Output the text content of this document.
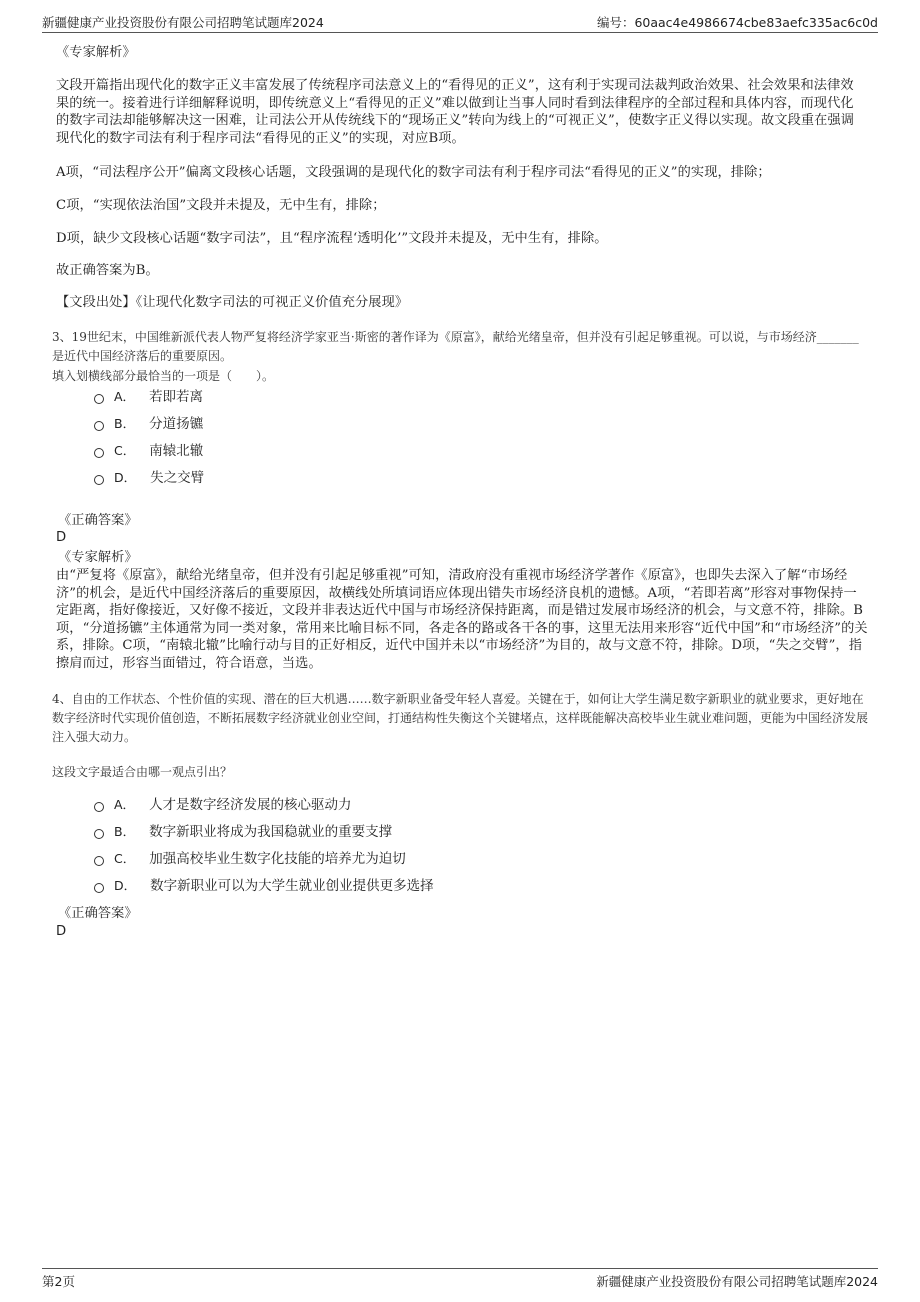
新疆健康产业投资股份有限公司招聘笔试题库2024	编号：60aac4e4986674cbe83aefc335ac6c0d

《专家解析》

文段开篇指出现代化的数字正义丰富发展了传统程序司法意义上的“看得见的正义”，这有利于实现司法裁判政治效果、社会效果和法律效果的统一。接着进行详细解释说明，即传统意义上“看得见的正义”难以做到让当事人同时看到法律程序的全部过程和具体内容，而现代化的数字司法却能够解决这一困难，让司法公开从传统线下的“现场正义”转向为线上的“可视正义”，使数字正义得以实现。故文段重在强调现代化的数字司法有利于程序司法“看得见的正义”的实现，对应B项。

A项，“司法程序公开”偏离文段核心话题，文段强调的是现代化的数字司法有利于程序司法“看得见的正义”的实现，排除；

C项，“实现依法治国”文段并未提及，无中生有，排除；

D项，缺少文段核心话题“数字司法”，且“程序流程‘透明化’”文段并未提及，无中生有，排除。

故正确答案为B。

【文段出处】《让现代化数字司法的可视正义价值充分展现》

3、19世纪末，中国维新派代表人物严复将经济学家亚当·斯密的著作译为《原富》，献给光绪皇帝，但并没有引起足够重视。可以说，与市场经济_______是近代中国经济落后的重要原因。

填入划横线部分最恰当的一项是（　　）。

A． 若即若离
B． 分道扬镳
C． 南辕北辙
D． 失之交臂

《正确答案》

D

《专家解析》

由“严复将《原富》，献给光绪皇帝，但并没有引起足够重视”可知，清政府没有重视市场经济学著作《原富》，也即失去深入了解“市场经济”的机会，是近代中国经济落后的重要原因，故横线处所填词语应体现出错失市场经济良机的遗憾。A项，“若即若离”形容对事物保持一定距离，指好像接近，又好像不接近，文段并非表达近代中国与市场经济保持距离，而是错过发展市场经济的机会，与文意不符，排除。B项，“分道扬镳”主体通常为同一类对象，常用来比喻目标不同，各走各的路或各干各的事，这里无法用来形容“近代中国”和“市场经济”的关系，排除。C项，“南辕北辙”比喻行动与目的正好相反，近代中国并未以“市场经济”为目的，故与文意不符，排除。D项，“失之交臂”，指擦肩而过，形容当面错过，符合语意，当选。

4、自由的工作状态、个性价值的实现、潜在的巨大机遇……数字新职业备受年轻人喜爱。关键在于，如何让大学生满足数字新职业的就业要求，更好地在数字经济时代实现价值创造，不断拓展数字经济就业创业空间，打通结构性失衡这个关键堵点，这样既能解决高校毕业生就业难问题，更能为中国经济发展注入强大动力。

这段文字最适合由哪一观点引出？

A． 人才是数字经济发展的核心驱动力
B． 数字新职业将成为我国稳就业的重要支撑
C． 加强高校毕业生数字化技能的培养尤为迫切
D． 数字新职业可以为大学生就业创业提供更多选择

《正确答案》

D

第2页	新疆健康产业投资股份有限公司招聘笔试题库2024
